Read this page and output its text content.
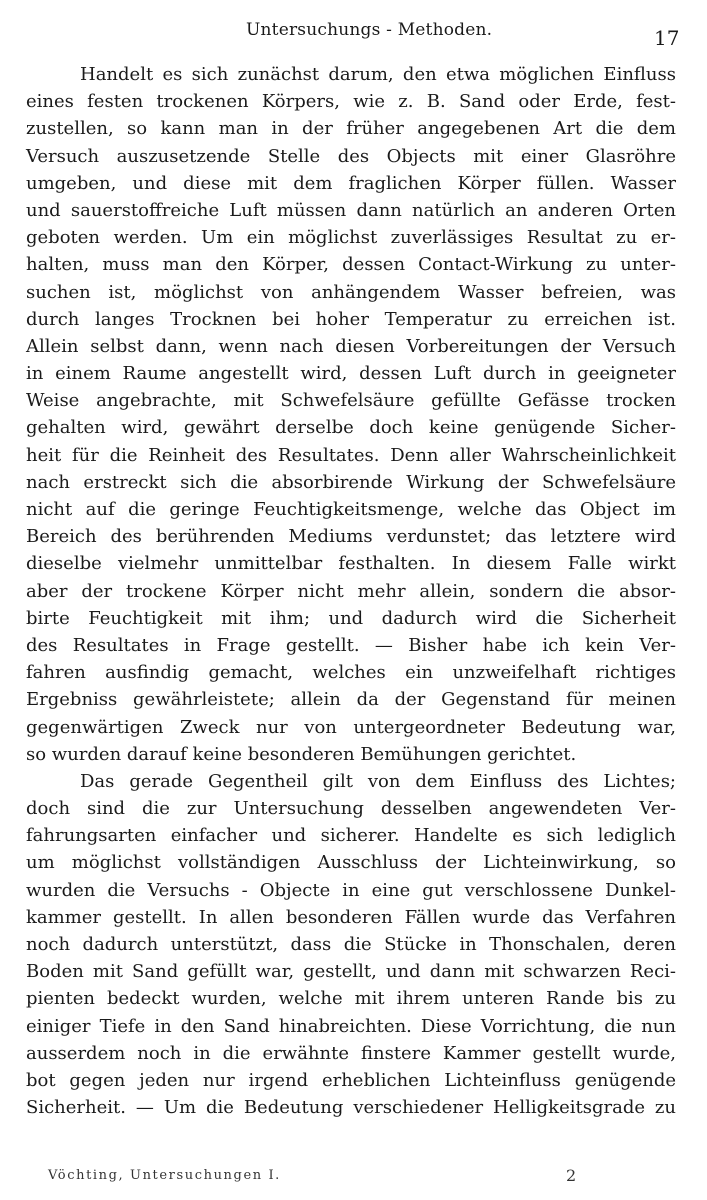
Untersuchungs - Methoden.	17
Handelt es sich zunächst darum, den etwa möglichen Einfluss
eines festen trockenen Körpers, wie z. B. Sand oder Erde, fest-
zustellen, so kann man in der früher angegebenen Art die dem
Versuch auszusetzende Stelle des Objects mit einer Glasröhre
umgeben, und diese mit dem fraglichen Körper füllen. Wasser
und sauerstoffreiche Luft müssen dann natürlich an anderen Orten
geboten werden. Um ein möglichst zuverlässiges Resultat zu er-
halten, muss man den Körper, dessen Contact-Wirkung zu unter-
suchen ist, möglichst von anhängendem Wasser befreien, was
durch langes Trocknen bei hoher Temperatur zu erreichen ist.
Allein selbst dann, wenn nach diesen Vorbereitungen der Versuch
in einem Raume angestellt wird, dessen Luft durch in geeigneter
Weise angebrachte, mit Schwefelsäure gefüllte Gefässe trocken
gehalten wird, gewährt derselbe doch keine genügende Sicher-
heit für die Reinheit des Resultates. Denn aller Wahrscheinlichkeit
nach erstreckt sich die absorbirende Wirkung der Schwefelsäure
nicht auf die geringe Feuchtigkeitsmenge, welche das Object im
Bereich des berührenden Mediums verdunstet; das letztere wird
dieselbe vielmehr unmittelbar festhalten. In diesem Falle wirkt
aber der trockene Körper nicht mehr allein, sondern die absor-
birte Feuchtigkeit mit ihm; und dadurch wird die Sicherheit
des Resultates in Frage gestellt. — Bisher habe ich kein Ver-
fahren ausfindig gemacht, welches ein unzweifelhaft richtiges
Ergebniss gewährleistete; allein da der Gegenstand für meinen
gegenwärtigen Zweck nur von untergeordneter Bedeutung war,
so wurden darauf keine besonderen Bemühungen gerichtet.
Das gerade Gegentheil gilt von dem Einfluss des Lichtes;
doch sind die zur Untersuchung desselben angewendeten Ver-
fahrungsarten einfacher und sicherer. Handelte es sich lediglich
um möglichst vollständigen Ausschluss der Lichteinwirkung, so
wurden die Versuchs - Objecte in eine gut verschlossene Dunkel-
kammer gestellt. In allen besonderen Fällen wurde das Verfahren
noch dadurch unterstützt, dass die Stücke in Thonschalen, deren
Boden mit Sand gefüllt war, gestellt, und dann mit schwarzen Reci-
pienten bedeckt wurden, welche mit ihrem unteren Rande bis zu
einiger Tiefe in den Sand hinabreichten. Diese Vorrichtung, die nun
ausserdem noch in die erwähnte finstere Kammer gestellt wurde,
bot gegen jeden nur irgend erheblichen Lichteinfluss genügende
Sicherheit. — Um die Bedeutung verschiedener Helligkeitsgrade zu
Vöchting, Untersuchungen I.	2
